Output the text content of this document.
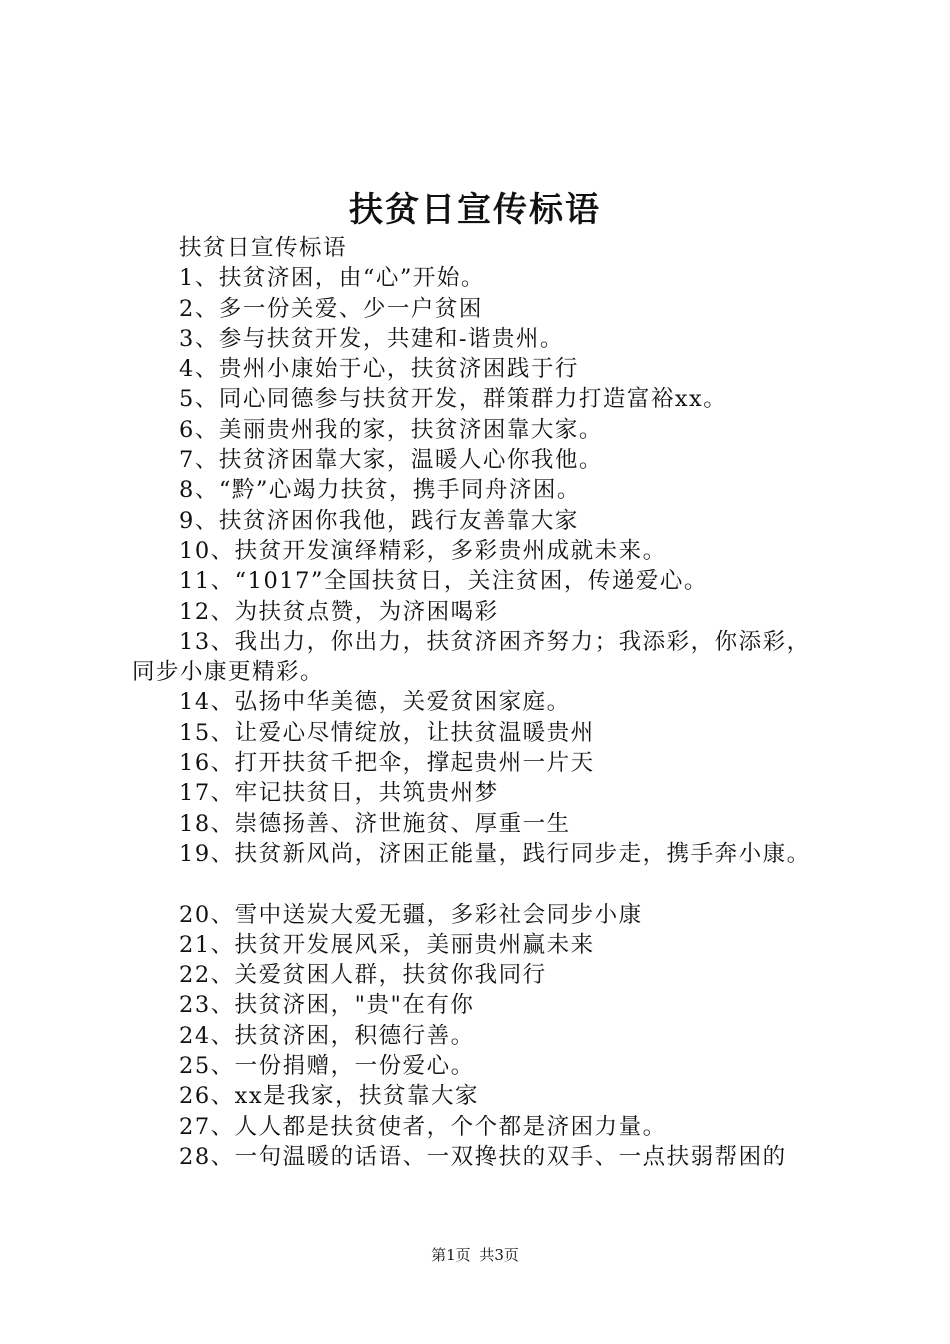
扶贫日宣传标语

扶贫日宣传标语

1、扶贫济困，由“心”开始。

2、多一份关爱、少一户贫困

3、参与扶贫开发，共建和-谐贵州。

4、贵州小康始于心，扶贫济困践于行

5、同心同德参与扶贫开发，群策群力打造富裕xx。

6、美丽贵州我的家，扶贫济困靠大家。

7、扶贫济困靠大家，温暖人心你我他。

8、“黔”心竭力扶贫，携手同舟济困。

9、扶贫济困你我他，践行友善靠大家

10、扶贫开发演绎精彩，多彩贵州成就未来。

11、“1017”全国扶贫日，关注贫困，传递爱心。

12、为扶贫点赞，为济困喝彩

13、我出力，你出力，扶贫济困齐努力；我添彩，你添彩，

同步小康更精彩。

14、弘扬中华美德，关爱贫困家庭。

15、让爱心尽情绽放，让扶贫温暖贵州

16、打开扶贫千把伞，撑起贵州一片天

17、牢记扶贫日，共筑贵州梦

18、崇德扬善、济世施贫、厚重一生

19、扶贫新风尚，济困正能量，践行同步走，携手奔小康。

20、雪中送炭大爱无疆，多彩社会同步小康

21、扶贫开发展风采，美丽贵州赢未来

22、关爱贫困人群，扶贫你我同行

23、扶贫济困，"贵"在有你

24、扶贫济困，积德行善。

25、一份捐赠，一份爱心。

26、xx是我家，扶贫靠大家

27、人人都是扶贫使者，个个都是济困力量。

28、一句温暖的话语、一双搀扶的双手、一点扶弱帮困的

第1页 共3页
